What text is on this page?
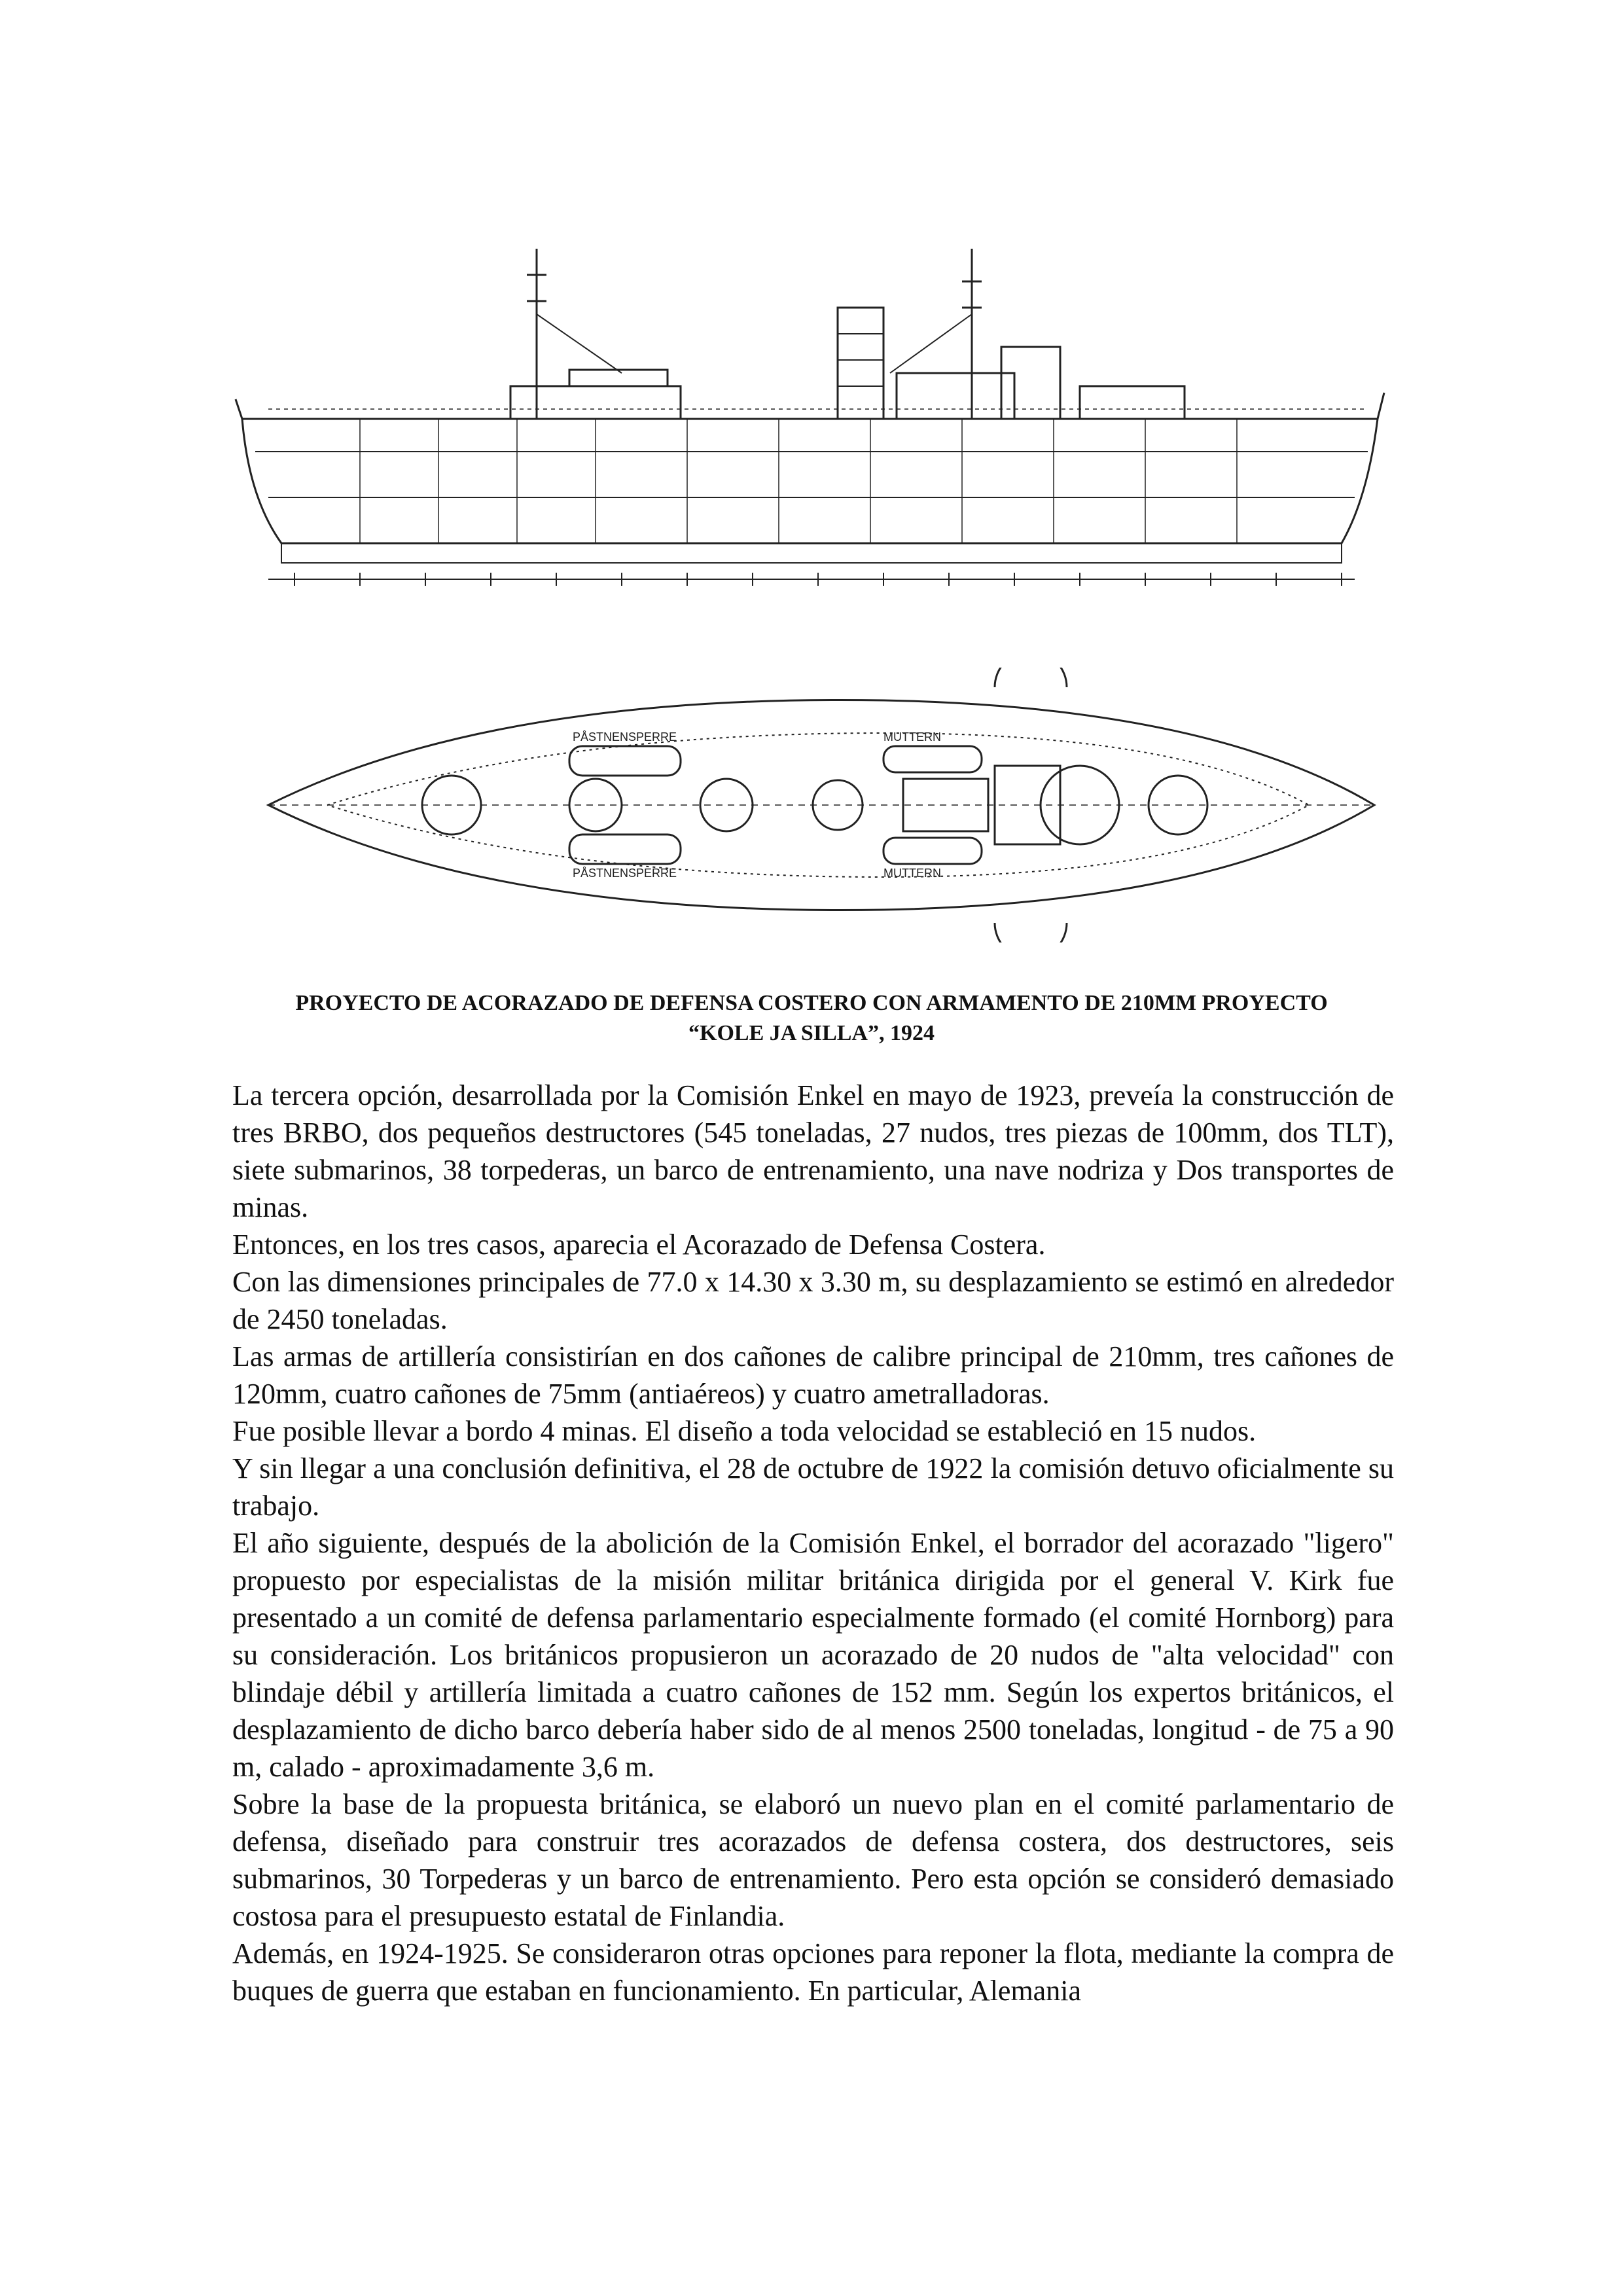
PÅSTNENSPERRE	MUTTERN
PÅSTNENSPERRE	MUTTERN
PROYECTO DE ACORAZADO DE DEFENSA COSTERO CON ARMAMENTO DE 210MM PROYECTO
“KOLE JA SILLA”, 1924

La tercera opción, desarrollada por la Comisión Enkel en mayo de 1923, preveía la construcción de tres BRBO, dos pequeños destructores (545 toneladas, 27 nudos, tres piezas de 100mm, dos TLT), siete submarinos, 38 torpederas, un barco de entrenamiento, una nave nodriza y Dos transportes de minas.

Entonces, en los tres casos, aparecia el Acorazado de Defensa Costera.

Con las dimensiones principales de 77.0 x 14.30 x 3.30 m, su desplazamiento se estimó en alrededor de 2450 toneladas.

Las armas de artillería consistirían en dos cañones de calibre principal de 210mm, tres cañones de 120mm, cuatro cañones de 75mm (antiaéreos) y cuatro ametralladoras.

Fue posible llevar a bordo 4 minas. El diseño a toda velocidad se estableció en 15 nudos.

Y sin llegar a una conclusión definitiva, el 28 de octubre de 1922 la comisión detuvo oficialmente su trabajo.

El año siguiente, después de la abolición de la Comisión Enkel, el borrador del acorazado "ligero" propuesto por especialistas de la misión militar británica dirigida por el general V. Kirk fue presentado a un comité de defensa parlamentario especialmente formado (el comité Hornborg) para su consideración. Los británicos propusieron un acorazado de 20 nudos de "alta velocidad" con blindaje débil y artillería limitada a cuatro cañones de 152 mm. Según los expertos británicos, el desplazamiento de dicho barco debería haber sido de al menos 2500 toneladas, longitud - de 75 a 90 m, calado - aproximadamente 3,6 m.

Sobre la base de la propuesta británica, se elaboró un nuevo plan en el comité parlamentario de defensa, diseñado para construir tres acorazados de defensa costera, dos destructores, seis submarinos, 30 Torpederas y un barco de entrenamiento. Pero esta opción se consideró demasiado costosa para el presupuesto estatal de Finlandia.

Además, en 1924-1925. Se consideraron otras opciones para reponer la flota, mediante la compra de buques de guerra que estaban en funcionamiento. En particular, Alemania
